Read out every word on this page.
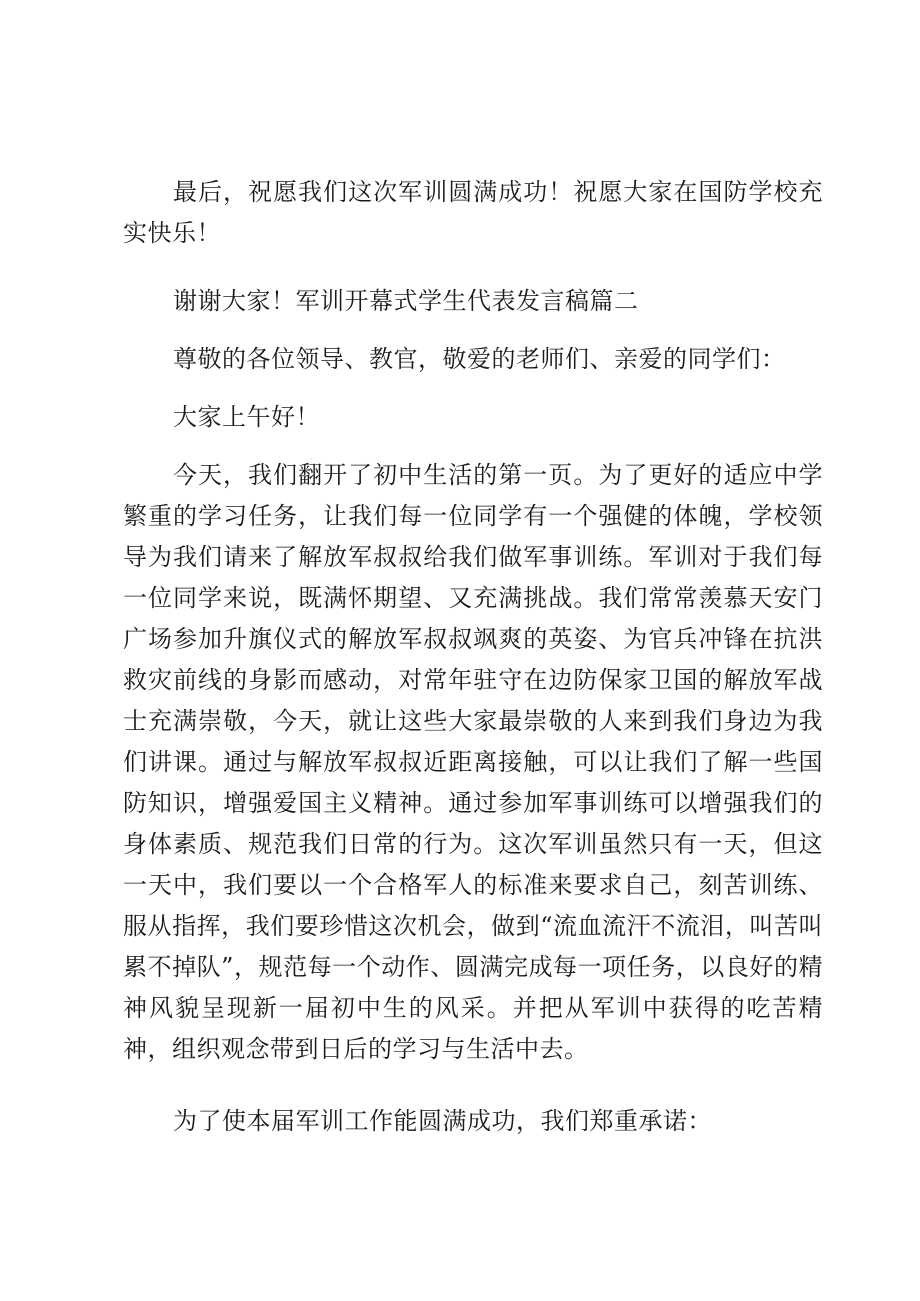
最后，祝愿我们这次军训圆满成功！祝愿大家在国防学校充实快乐！

谢谢大家！军训开幕式学生代表发言稿篇二

尊敬的各位领导、教官，敬爱的老师们、亲爱的同学们：

大家上午好！

今天，我们翻开了初中生活的第一页。为了更好的适应中学繁重的学习任务，让我们每一位同学有一个强健的体魄，学校领导为我们请来了解放军叔叔给我们做军事训练。军训对于我们每一位同学来说，既满怀期望、又充满挑战。我们常常羡慕天安门广场参加升旗仪式的解放军叔叔飒爽的英姿、为官兵冲锋在抗洪救灾前线的身影而感动，对常年驻守在边防保家卫国的解放军战士充满崇敬，今天，就让这些大家最崇敬的人来到我们身边为我们讲课。通过与解放军叔叔近距离接触，可以让我们了解一些国防知识，增强爱国主义精神。通过参加军事训练可以增强我们的身体素质、规范我们日常的行为。这次军训虽然只有一天，但这一天中，我们要以一个合格军人的标准来要求自己，刻苦训练、服从指挥，我们要珍惜这次机会，做到“流血流汗不流泪，叫苦叫累不掉队”，规范每一个动作、圆满完成每一项任务，以良好的精神风貌呈现新一届初中生的风采。并把从军训中获得的吃苦精神，组织观念带到日后的学习与生活中去。

为了使本届军训工作能圆满成功，我们郑重承诺：
